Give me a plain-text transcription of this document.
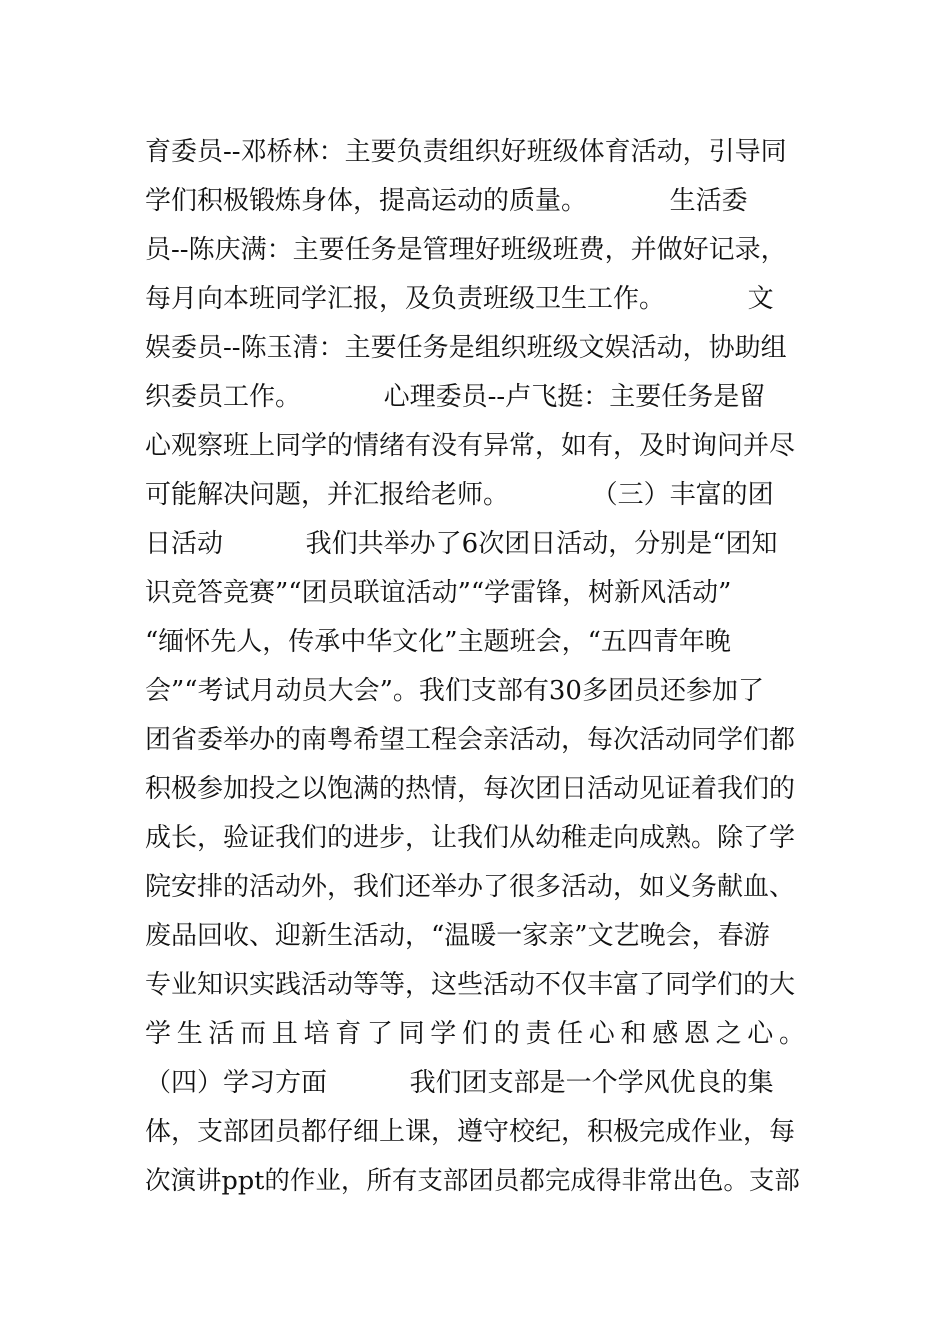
育委员--邓桥林：主要负责组织好班级体育活动，引导同
学们积极锻炼身体，提高运动的质量。          生活委
员--陈庆满：主要任务是管理好班级班费，并做好记录，
每月向本班同学汇报，及负责班级卫生工作。          文
娱委员--陈玉清：主要任务是组织班级文娱活动，协助组
织委员工作。          心理委员--卢飞挺：主要任务是留
心观察班上同学的情绪有没有异常，如有，及时询问并尽
可能解决问题，并汇报给老师。          （三）丰富的团
日活动          我们共举办了6次团日活动，分别是“团知
识竞答竞赛”“团员联谊活动”“学雷锋，树新风活动”
“缅怀先人，传承中华文化”主题班会，“五四青年晚
会”“考试月动员大会”。我们支部有30多团员还参加了
团省委举办的南粤希望工程会亲活动，每次活动同学们都
积极参加投之以饱满的热情，每次团日活动见证着我们的
成长，验证我们的进步，让我们从幼稚走向成熟。除了学
院安排的活动外，我们还举办了很多活动，如义务献血、
废品回收、迎新生活动，“温暖一家亲”文艺晚会，春游
专业知识实践活动等等，这些活动不仅丰富了同学们的大
学生活而且培育了同学们的责任心和感恩之心。
（四）学习方面          我们团支部是一个学风优良的集
体，支部团员都仔细上课，遵守校纪，积极完成作业，每
次演讲ppt的作业，所有支部团员都完成得非常出色。支部
